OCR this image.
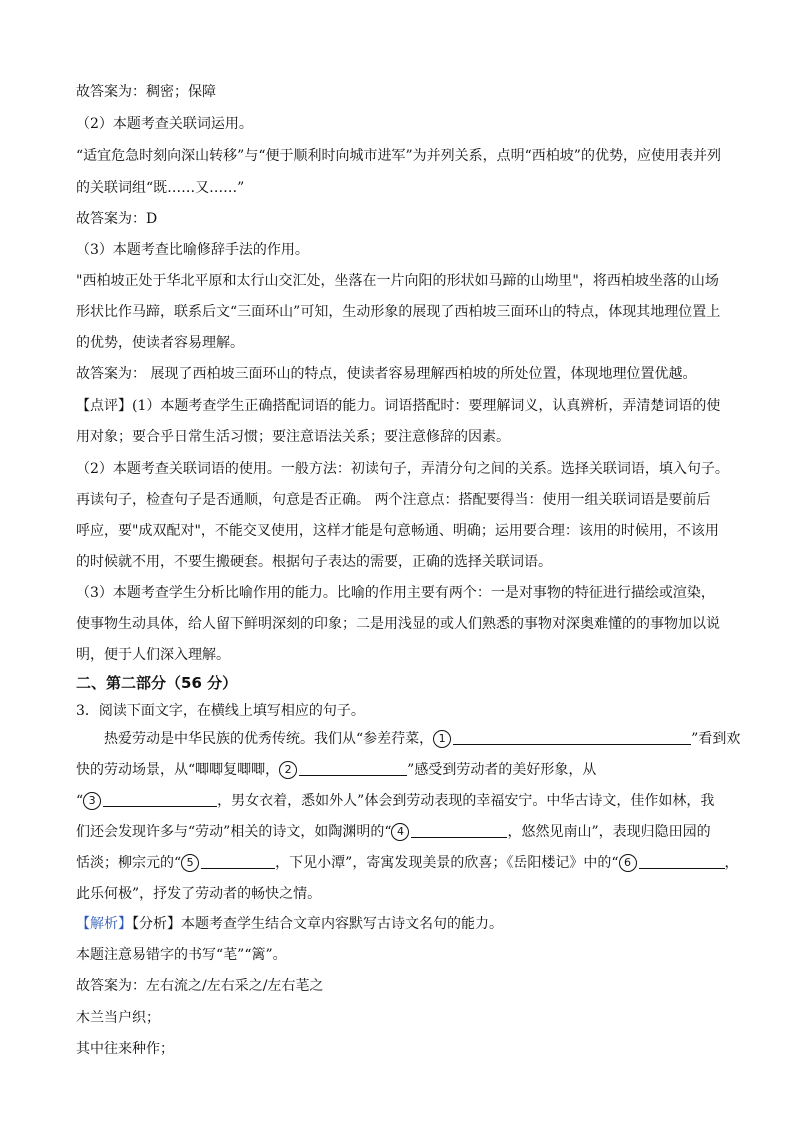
故答案为：稠密；保障
（2）本题考查关联词运用。
“适宜危急时刻向深山转移”与“便于顺利时向城市进军”为并列关系，点明“西柏坡”的优势，应使用表并列
的关联词组“既……又……”
故答案为：D
（3）本题考查比喻修辞手法的作用。
"西柏坡正处于华北平原和太行山交汇处，坐落在一片向阳的形状如马蹄的山坳里"，将西柏坡坐落的山场
形状比作马蹄，联系后文“三面环山”可知，生动形象的展现了西柏坡三面环山的特点，体现其地理位置上
的优势，使读者容易理解。
故答案为： 展现了西柏坡三面环山的特点，使读者容易理解西柏坡的所处位置，体现地理位置优越。
【点评】(1）本题考查学生正确搭配词语的能力。词语搭配时：要理解词义，认真辨析，弄清楚词语的使
用对象；要合乎日常生活习惯；要注意语法关系；要注意修辞的因素。
（2）本题考查关联词语的使用。一般方法：初读句子，弄清分句之间的关系。选择关联词语，填入句子。
再读句子，检查句子是否通顺，句意是否正确。 两个注意点：搭配要得当：使用一组关联词语是要前后
呼应，要"成双配对"，不能交叉使用，这样才能是句意畅通、明确；运用要合理：该用的时候用，不该用
的时候就不用，不要生搬硬套。根据句子表达的需要，正确的选择关联词语。
（3）本题考查学生分析比喻作用的能力。比喻的作用主要有两个：一是对事物的特征进行描绘或渲染，
使事物生动具体，给人留下鲜明深刻的印象；二是用浅显的或人们熟悉的事物对深奥难懂的的事物加以说
明，便于人们深入理解。
二、第二部分（56 分）
3．阅读下面文字，在横线上填写相应的句子。
热爱劳动是中华民族的优秀传统。我们从“参差荇菜， 1	”看到欢
快的劳动场景，从“唧唧复唧唧， 2	”感受到劳动者的美好形象，从
“ 3	，男女衣着，悉如外人”体会到劳动表现的幸福安宁。中华古诗文，佳作如林，我
们还会发现许多与“劳动”相关的诗文，如陶渊明的“ 4	，悠然见南山”，表现归隐田园的
恬淡；柳宗元的“ 5	，下见小潭”，寄寓发现美景的欣喜；《岳阳楼记》中的“ 6	，
此乐何极”，抒发了劳动者的畅快之情。
【解析】【分析】本题考查学生结合文章内容默写古诗文名句的能力。
本题注意易错字的书写“芼”“篱”。
故答案为：左右流之/左右采之/左右芼之
木兰当户织；
其中往来种作；
